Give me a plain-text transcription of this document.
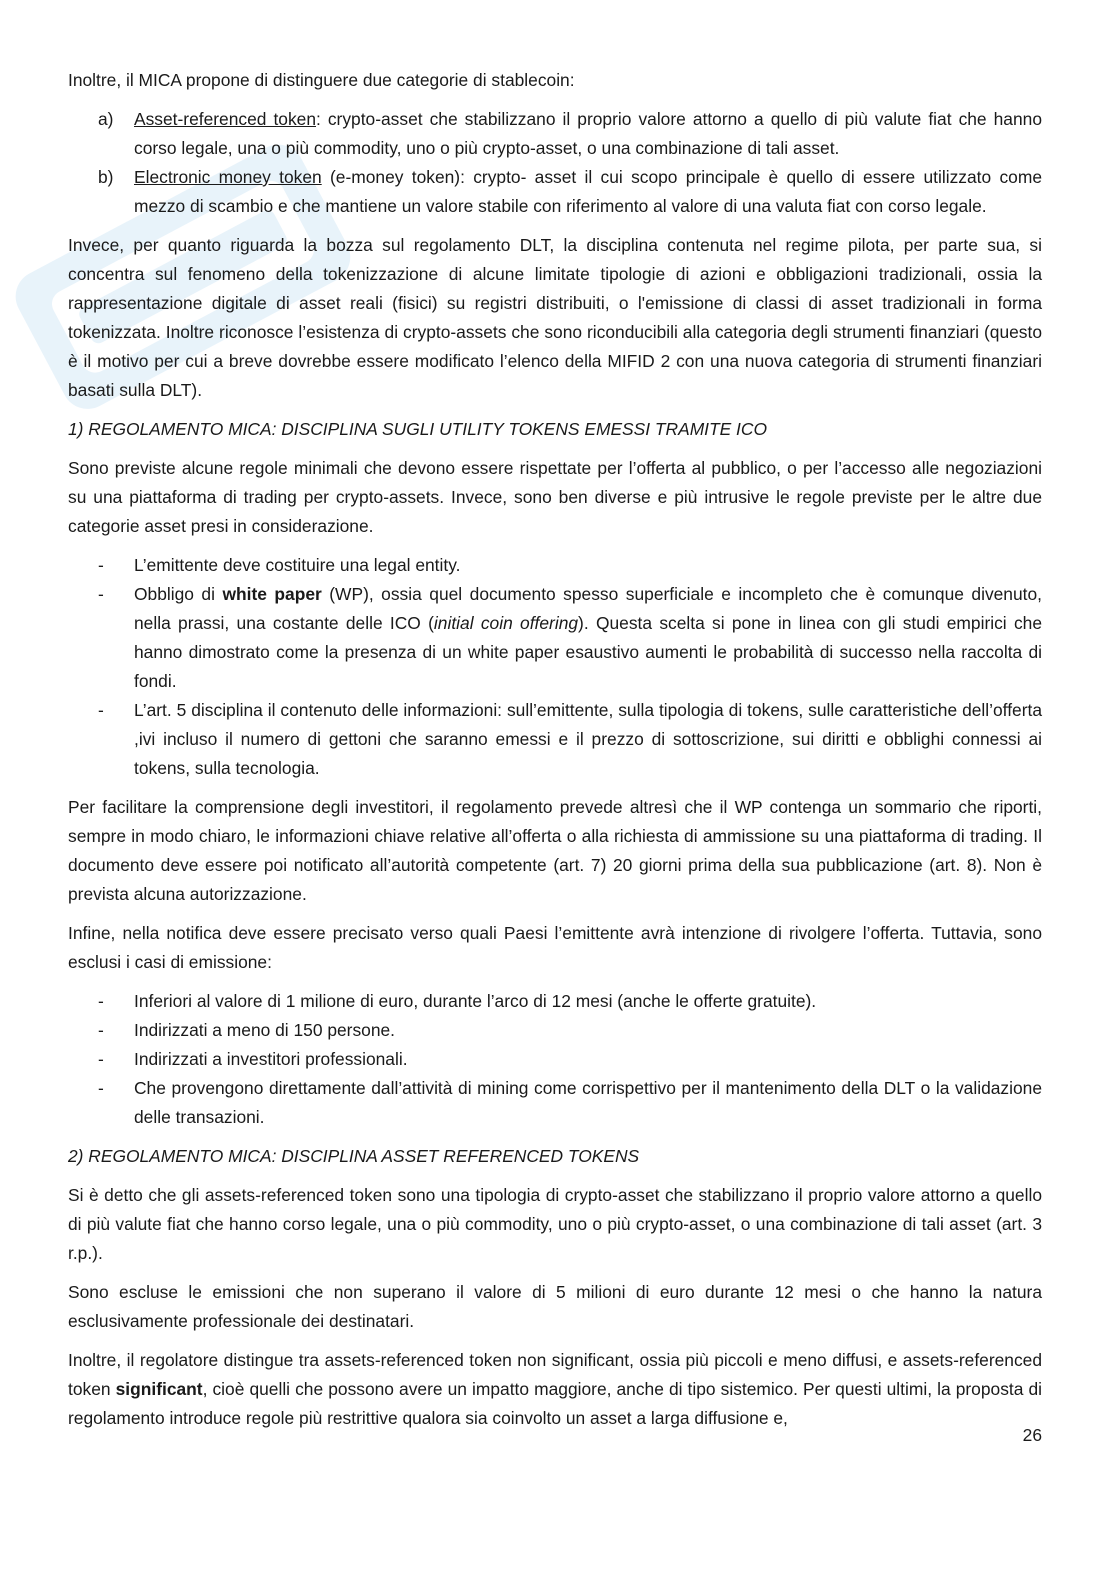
Inoltre, il MICA propone di distinguere due categorie di stablecoin:

a) Asset-referenced token: crypto-asset che stabilizzano il proprio valore attorno a quello di più valute fiat che hanno corso legale, una o più commodity, uno o più crypto-asset, o una combinazione di tali asset.
b) Electronic money token (e-money token): crypto- asset il cui scopo principale è quello di essere utilizzato come mezzo di scambio e che mantiene un valore stabile con riferimento al valore di una valuta fiat con corso legale.

Invece, per quanto riguarda la bozza sul regolamento DLT, la disciplina contenuta nel regime pilota, per parte sua, si concentra sul fenomeno della tokenizzazione di alcune limitate tipologie di azioni e obbligazioni tradizionali, ossia la rappresentazione digitale di asset reali (fisici) su registri distribuiti, o l'emissione di classi di asset tradizionali in forma tokenizzata. Inoltre riconosce l’esistenza di crypto-assets che sono riconducibili alla categoria degli strumenti finanziari (questo è il motivo per cui a breve dovrebbe essere modificato l’elenco della MIFID 2 con una nuova categoria di strumenti finanziari basati sulla DLT).

1) REGOLAMENTO MICA: DISCIPLINA SUGLI UTILITY TOKENS EMESSI TRAMITE ICO

Sono previste alcune regole minimali che devono essere rispettate per l’offerta al pubblico, o per l’accesso alle negoziazioni su una piattaforma di trading per crypto-assets. Invece, sono ben diverse e più intrusive le regole previste per le altre due categorie asset presi in considerazione.

- L’emittente deve costituire una legal entity.
- Obbligo di white paper (WP), ossia quel documento spesso superficiale e incompleto che è comunque divenuto, nella prassi, una costante delle ICO (initial coin offering). Questa scelta si pone in linea con gli studi empirici che hanno dimostrato come la presenza di un white paper esaustivo aumenti le probabilità di successo nella raccolta di fondi.
- L’art. 5 disciplina il contenuto delle informazioni: sull’emittente, sulla tipologia di tokens, sulle caratteristiche dell’offerta ,ivi incluso il numero di gettoni che saranno emessi e il prezzo di sottoscrizione, sui diritti e obblighi connessi ai tokens, sulla tecnologia.

Per facilitare la comprensione degli investitori, il regolamento prevede altresì che il WP contenga un sommario che riporti, sempre in modo chiaro, le informazioni chiave relative all’offerta o alla richiesta di ammissione su una piattaforma di trading. Il documento deve essere poi notificato all’autorità competente (art. 7) 20 giorni prima della sua pubblicazione (art. 8). Non è prevista alcuna autorizzazione.

Infine, nella notifica deve essere precisato verso quali Paesi l’emittente avrà intenzione di rivolgere l’offerta. Tuttavia, sono esclusi i casi di emissione:

- Inferiori al valore di 1 milione di euro, durante l’arco di 12 mesi (anche le offerte gratuite).
- Indirizzati a meno di 150 persone.
- Indirizzati a investitori professionali.
- Che provengono direttamente dall’attività di mining come corrispettivo per il mantenimento della DLT o la validazione delle transazioni.
2) REGOLAMENTO MICA: DISCIPLINA ASSET REFERENCED TOKENS

Si è detto che gli assets-referenced token sono una tipologia di crypto-asset che stabilizzano il proprio valore attorno a quello di più valute fiat che hanno corso legale, una o più commodity, uno o più crypto-asset, o una combinazione di tali asset (art. 3 r.p.).

Sono escluse le emissioni che non superano il valore di 5 milioni di euro durante 12 mesi o che hanno la natura esclusivamente professionale dei destinatari.

Inoltre, il regolatore distingue tra assets-referenced token non significant, ossia più piccoli e meno diffusi, e assets-referenced token significant, cioè quelli che possono avere un impatto maggiore, anche di tipo sistemico. Per questi ultimi, la proposta di regolamento introduce regole più restrittive qualora sia coinvolto un asset a larga diffusione e,

26
